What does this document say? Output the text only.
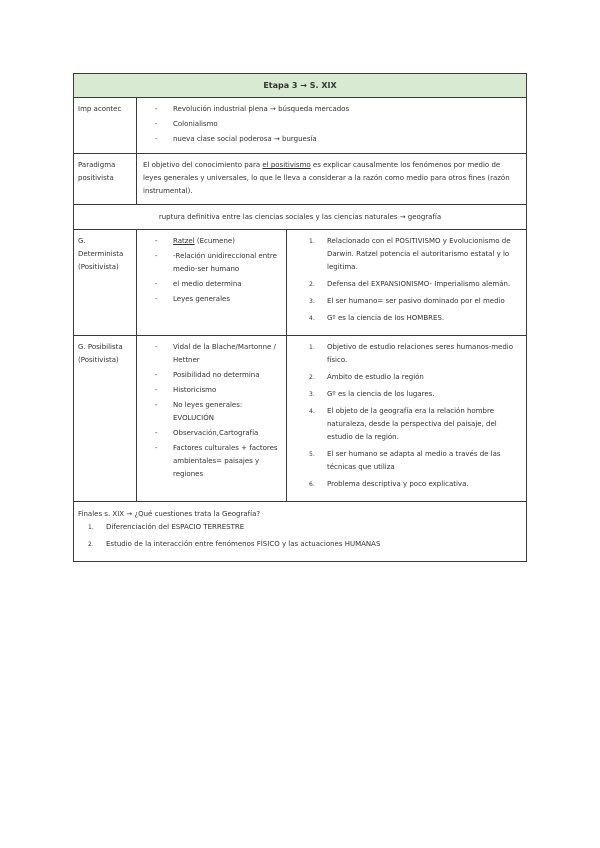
Etapa 3 → S. XIX
Imp acontec
-	Revolución industrial plena → búsqueda mercados
- Colonialismo
- nueva clase social poderosa → burguesía
Paradigma positivista
El objetivo del conocimiento para el positivismo es explicar causalmente los fenómenos por medio de leyes generales y universales, lo que le lleva a considerar a la razón como medio para otros fines (razón instrumental).
ruptura definitiva entre las ciencias sociales y las ciencias naturales → geografía
G. Determinista (Positivista)
- Ratzel (Ecumene)
- -Relación unidireccional entre medio-ser humano
- el medio determina
- Leyes generales
1. Relacionado con el POSITIVISMO y Evolucionismo de Darwin. Ratzel potencia el autoritarismo estatal y lo legitima.
2. Defensa del EXPANSIONISMO- Imperialismo alemán.
3. El ser humano= ser pasivo dominado por el medio
4. Gº es la ciencia de los HOMBRES.
G. Posibilista (Positivista)
- Vidal de la Blache/Martonne / Hettner
- Posibilidad no determina
- Historicismo
- No leyes generales: EVOLUCIÓN
- Observación,Cartografía
- Factores culturales + factores ambientales= paisajes y regiones
1. Objetivo de estudio relaciones seres humanos-medio físico.
2. Ámbito de estudio la región
3. Gº es la ciencia de los lugares.
4. El objeto de la geografía era la relación hombre naturaleza, desde la perspectiva del paisaje, del estudio de la región.
5. El ser humano se adapta al medio a través de las técnicas que utiliza
6. Problema descriptiva y poco explicativa.
Finales s. XIX → ¿Qué cuestiones trata la Geografía?
1. Diferenciación del ESPACIO TERRESTRE
2. Estudio de la interacción entre fenómenos FÍSICO y las actuaciones HUMANAS
